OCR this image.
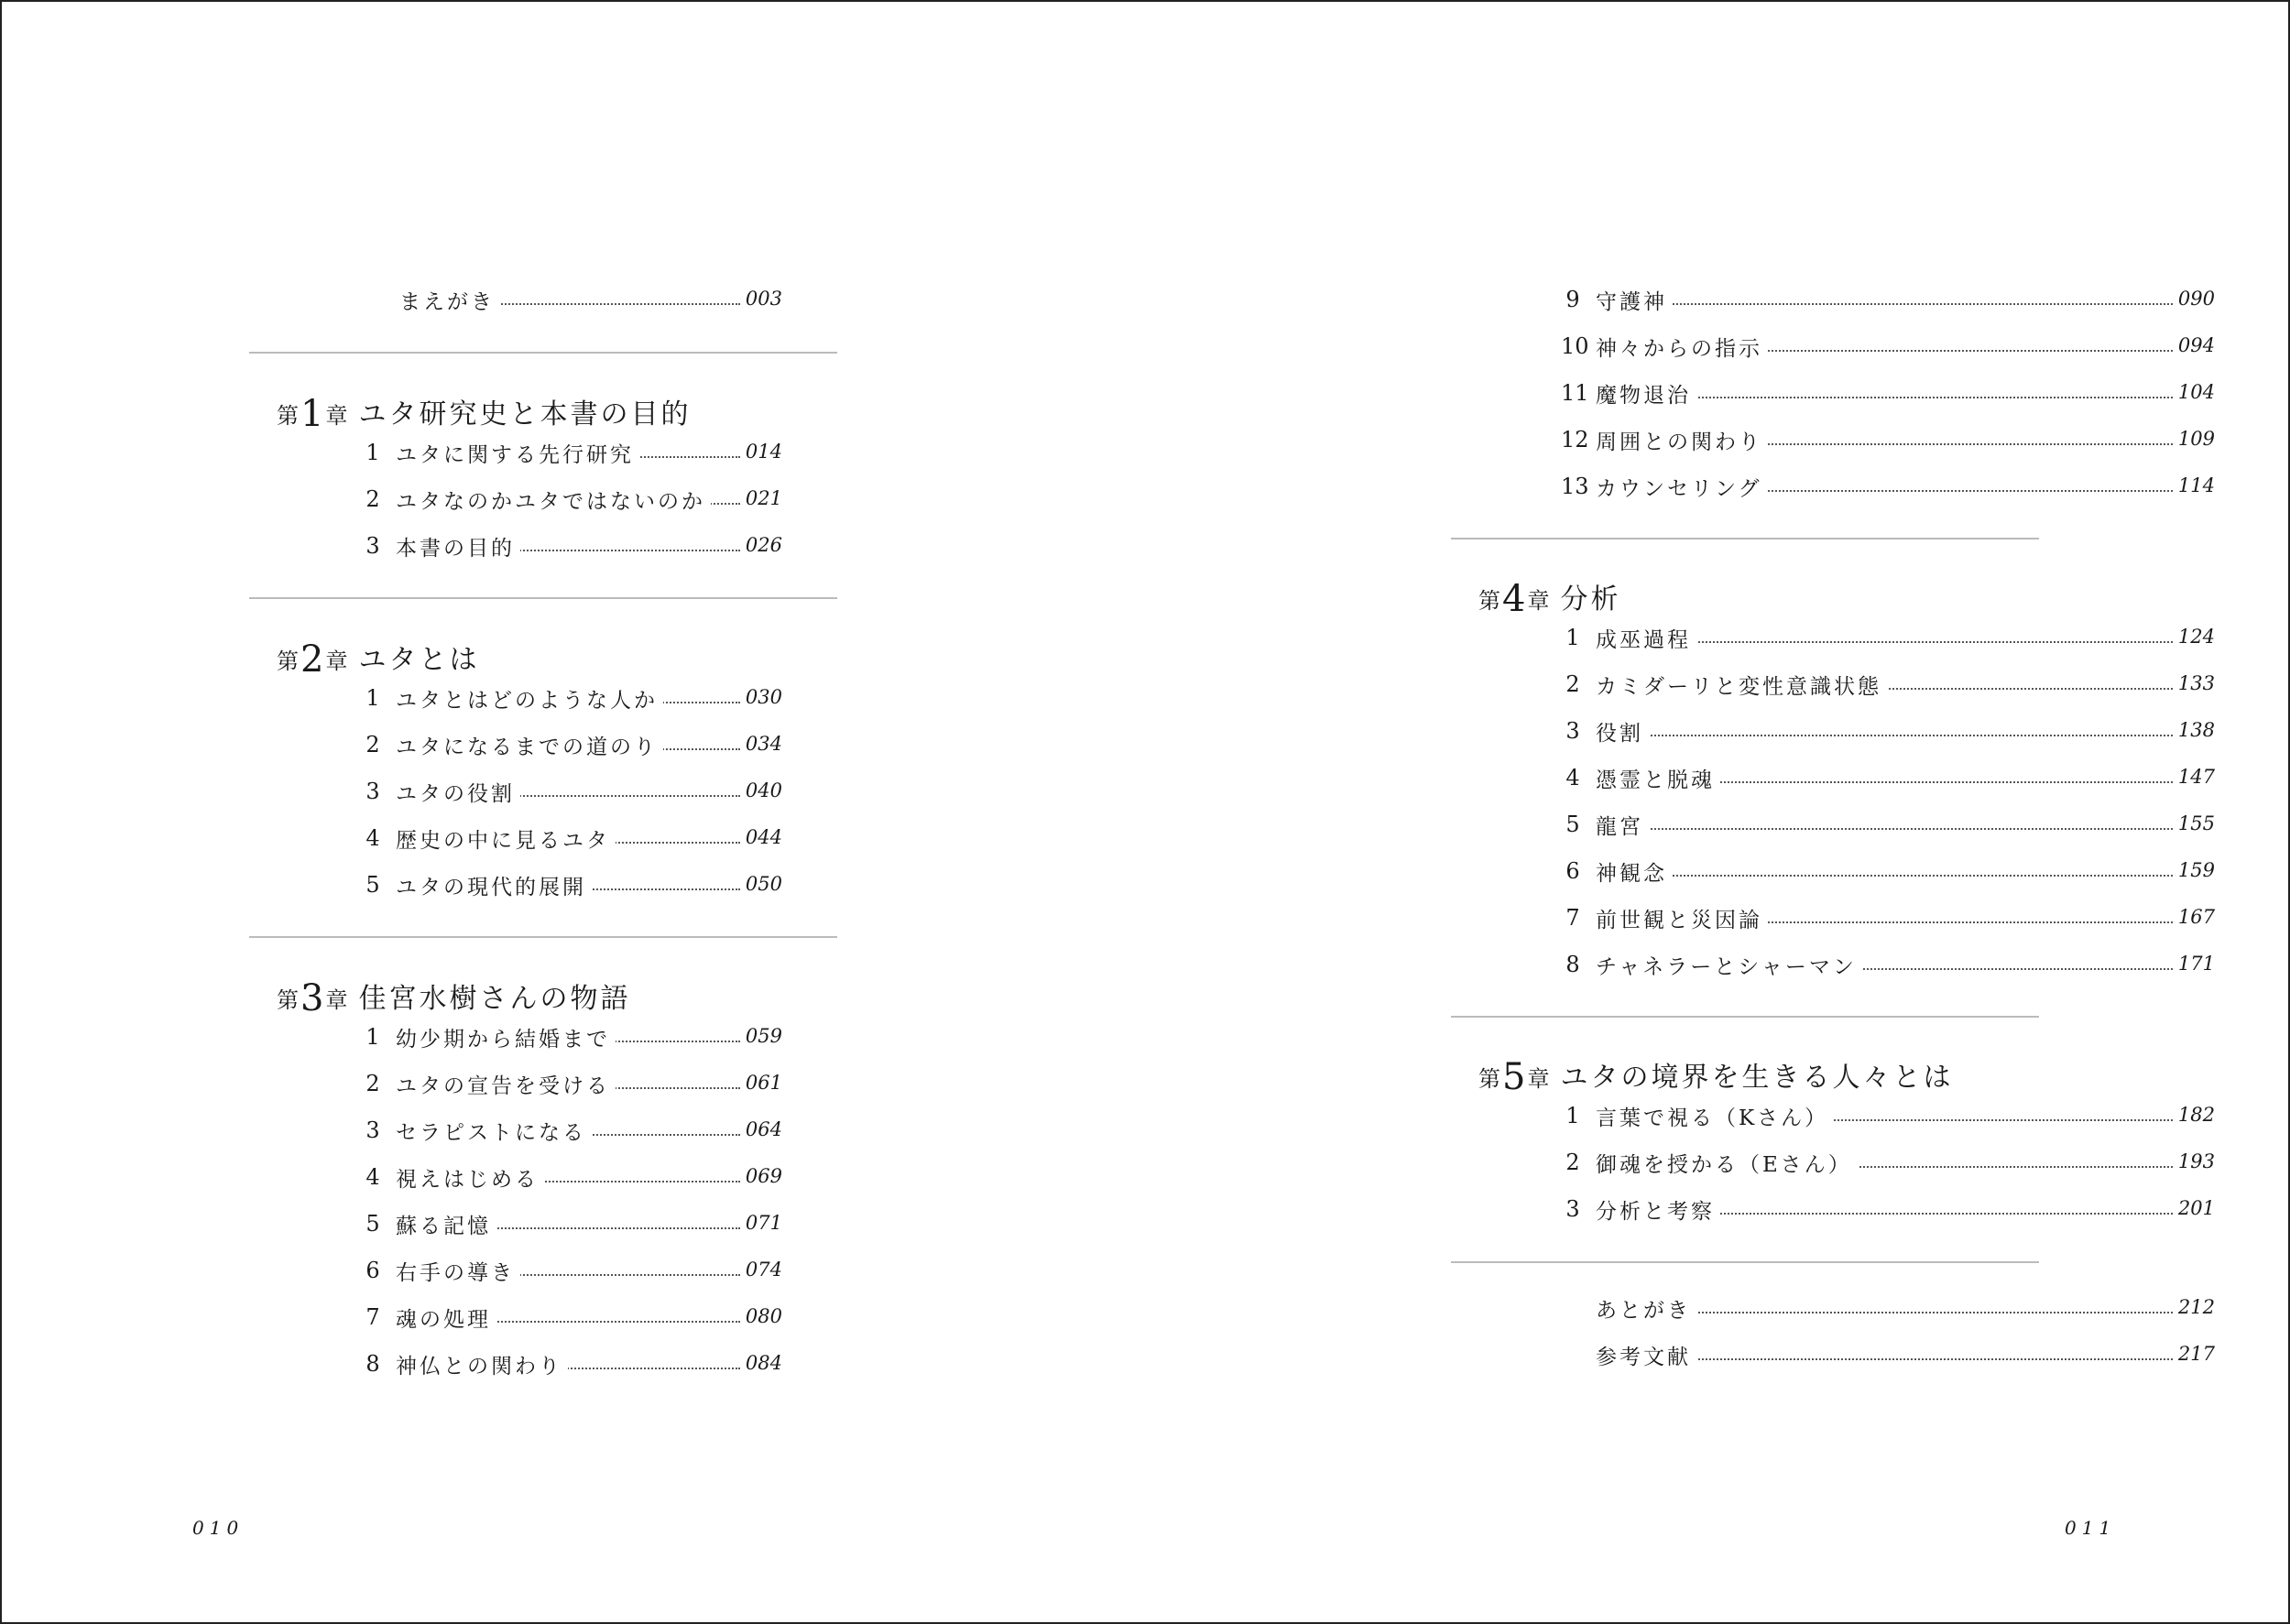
まえがき	003
第1章 ユタ研究史と本書の目的
1 ユタに関する先行研究	014
2 ユタなのかユタではないのか 021
3 本書の目的	026
第2章 ユタとは
1 ユタとはどのような人か	030
2 ユタになるまでの道のり	034
3 ユタの役割	040
4 歴史の中に見るユタ	044
5 ユタの現代的展開	050
第3章 佳宮水樹さんの物語
1 幼少期から結婚まで	059
2 ユタの宣告を受ける	061
3 セラピストになる	064
4 視えはじめる	069
5 蘇る記憶	071
6 右手の導き	074
7 魂の処理	080
8 神仏との関わり	084
010
9 守護神	090
10 神々からの指示	094
11 魔物退治	104
12 周囲との関わり	109
13 カウンセリング	114
第4章 分析
1 成巫過程	124
2 カミダーリと変性意識状態	133
3 役割	138
4 憑霊と脱魂	147
5 龍宮	155
6 神観念	159
7 前世観と災因論	167
8 チャネラーとシャーマン	171
第5章 ユタの境界を生きる人々とは
1 言葉で視る（Kさん）	182
2 御魂を授かる（Eさん）	193
3 分析と考察	201
あとがき	212
参考文献	217
011
